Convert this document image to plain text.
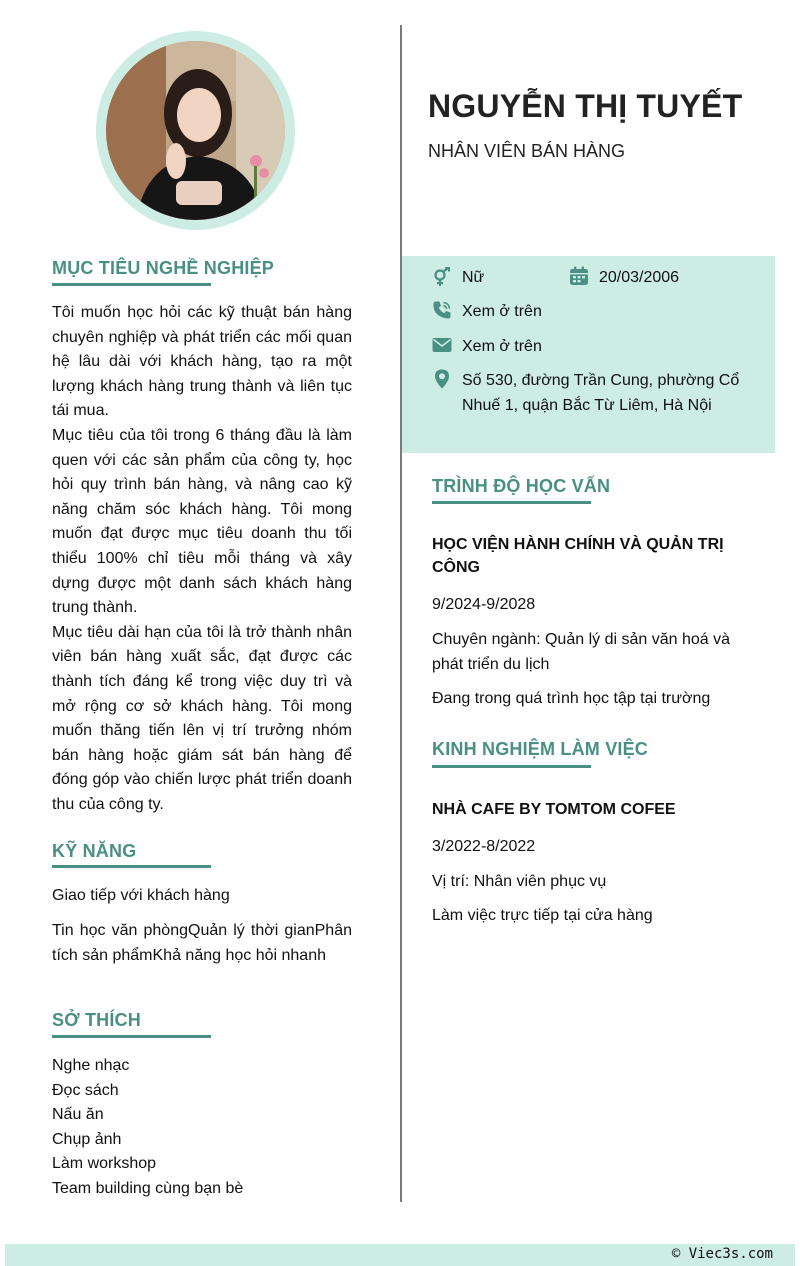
NGUYỄN THỊ TUYẾT
NHÂN VIÊN BÁN HÀNG
Nữ	20/03/2006
Xem ở trên
Xem ở trên
Số 530, đường Trần Cung, phường Cổ Nhuế 1, quận Bắc Từ Liêm, Hà Nội
MỤC TIÊU NGHỀ NGHIỆP

Tôi muốn học hỏi các kỹ thuật bán hàng chuyên nghiệp và phát triển các mối quan hệ lâu dài với khách hàng, tạo ra một lượng khách hàng trung thành và liên tục tái mua.

Mục tiêu của tôi trong 6 tháng đầu là làm quen với các sản phẩm của công ty, học hỏi quy trình bán hàng, và nâng cao kỹ năng chăm sóc khách hàng. Tôi mong muốn đạt được mục tiêu doanh thu tối thiểu 100% chỉ tiêu mỗi tháng và xây dựng được một danh sách khách hàng trung thành.

Mục tiêu dài hạn của tôi là trở thành nhân viên bán hàng xuất sắc, đạt được các thành tích đáng kể trong việc duy trì và mở rộng cơ sở khách hàng. Tôi mong muốn thăng tiến lên vị trí trưởng nhóm bán hàng hoặc giám sát bán hàng để đóng góp vào chiến lược phát triển doanh thu của công ty.

KỸ NĂNG
Giao tiếp với khách hàng
Tin học văn phòngQuản lý thời gianPhân tích sản phẩmKhả năng học hỏi nhanh
SỞ THÍCH
Nghe nhạc
Đọc sách
Nấu ăn
Chụp ảnh
Làm workshop
Team building cùng bạn bè
TRÌNH ĐỘ HỌC VẤN
HỌC VIỆN HÀNH CHÍNH VÀ QUẢN TRỊ CÔNG
9/2024-9/2028
Chuyên ngành: Quản lý di sản văn hoá và phát triển du lịch
Đang trong quá trình học tập tại trường
KINH NGHIỆM LÀM VIỆC
NHÀ CAFE BY TOMTOM COFEE
3/2022-8/2022
Vị trí: Nhân viên phục vụ
Làm việc trực tiếp tại cửa hàng
© Viec3s.com
